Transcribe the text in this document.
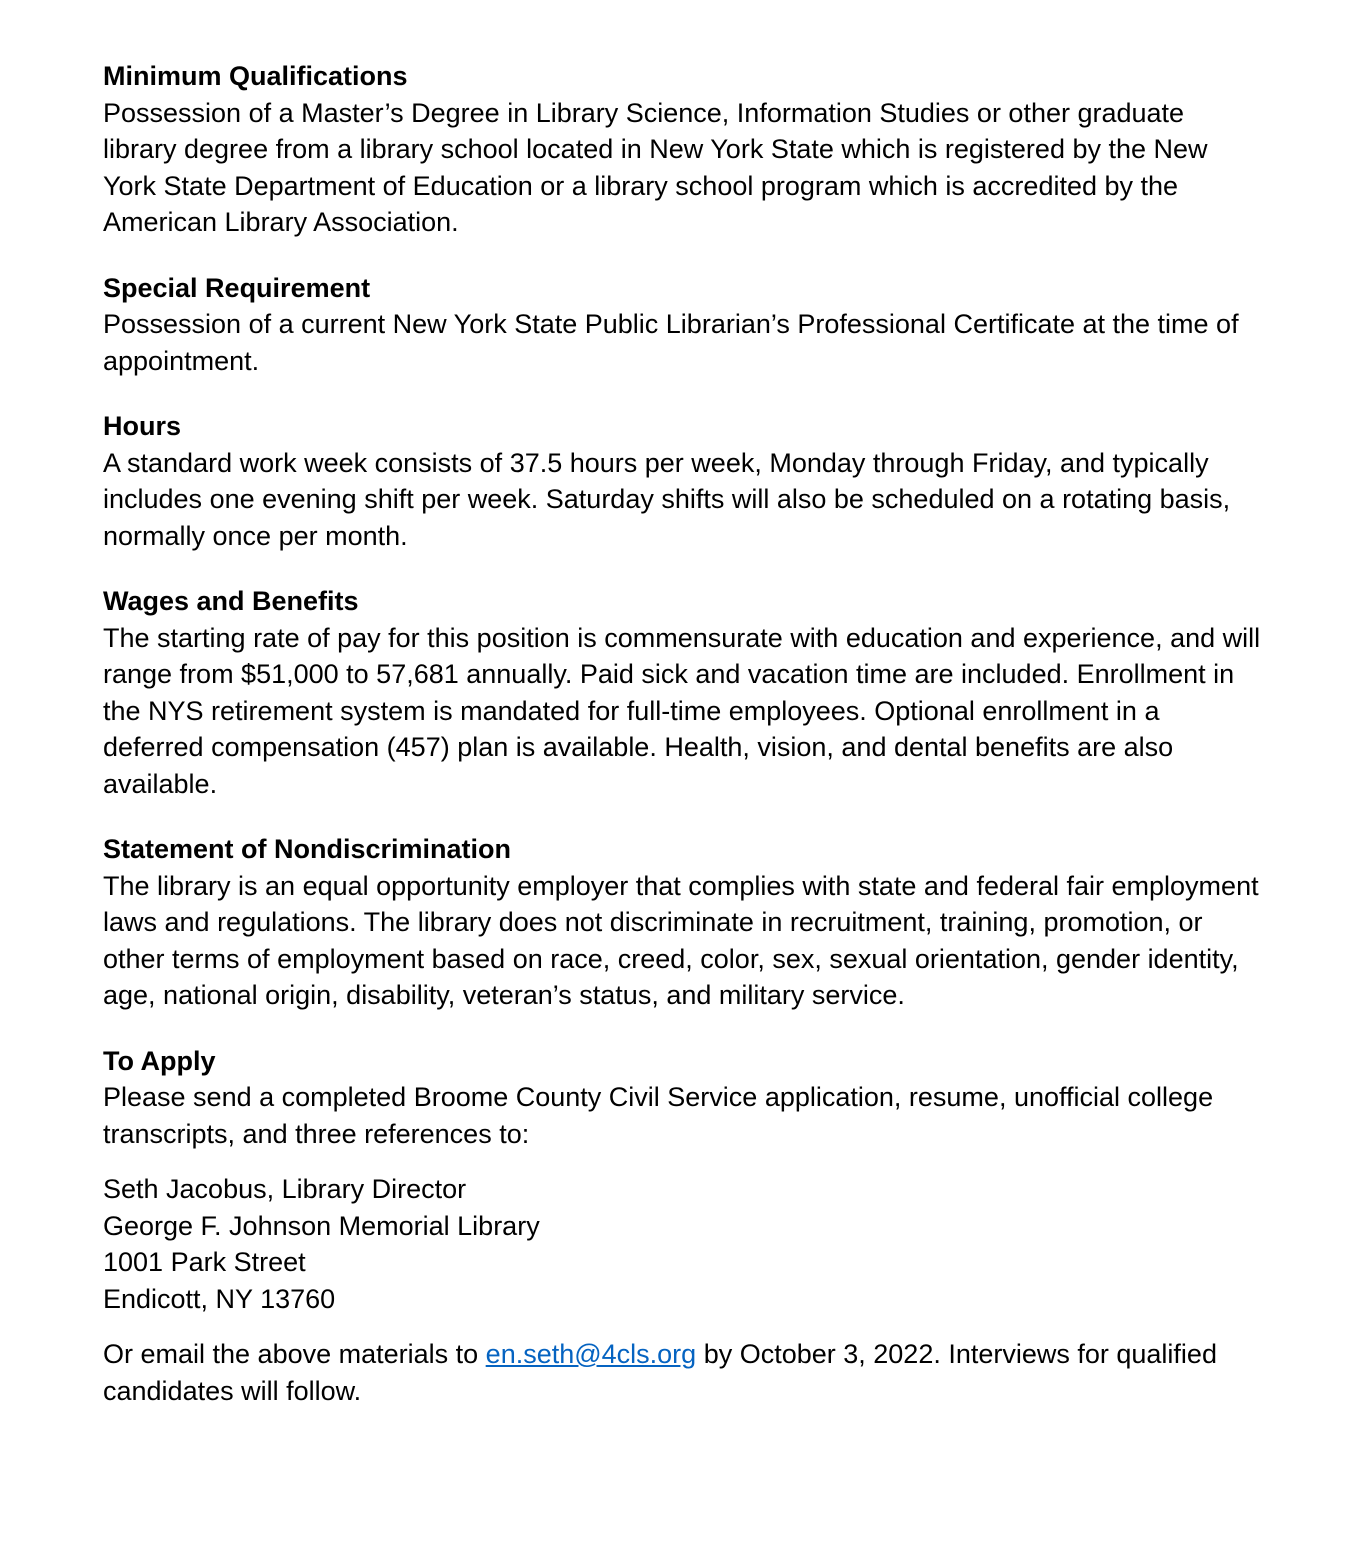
Minimum Qualifications

Possession of a Master’s Degree in Library Science, Information Studies or other graduate library degree from a library school located in New York State which is registered by the New York State Department of Education or a library school program which is accredited by the American Library Association.

Special Requirement

Possession of a current New York State Public Librarian’s Professional Certificate at the time of appointment.

Hours

A standard work week consists of 37.5 hours per week, Monday through Friday, and typically includes one evening shift per week. Saturday shifts will also be scheduled on a rotating basis, normally once per month.

Wages and Benefits

The starting rate of pay for this position is commensurate with education and experience, and will range from $51,000 to 57,681 annually. Paid sick and vacation time are included. Enrollment in the NYS retirement system is mandated for full-time employees. Optional enrollment in a deferred compensation (457) plan is available. Health, vision, and dental benefits are also available.

Statement of Nondiscrimination

The library is an equal opportunity employer that complies with state and federal fair employment laws and regulations. The library does not discriminate in recruitment, training, promotion, or other terms of employment based on race, creed, color, sex, sexual orientation, gender identity, age, national origin, disability, veteran’s status, and military service.

To Apply

Please send a completed Broome County Civil Service application, resume, unofficial college transcripts, and three references to:

Seth Jacobus, Library Director
George F. Johnson Memorial Library
1001 Park Street
Endicott, NY 13760

Or email the above materials to en.seth@4cls.org by October 3, 2022. Interviews for qualified candidates will follow.
